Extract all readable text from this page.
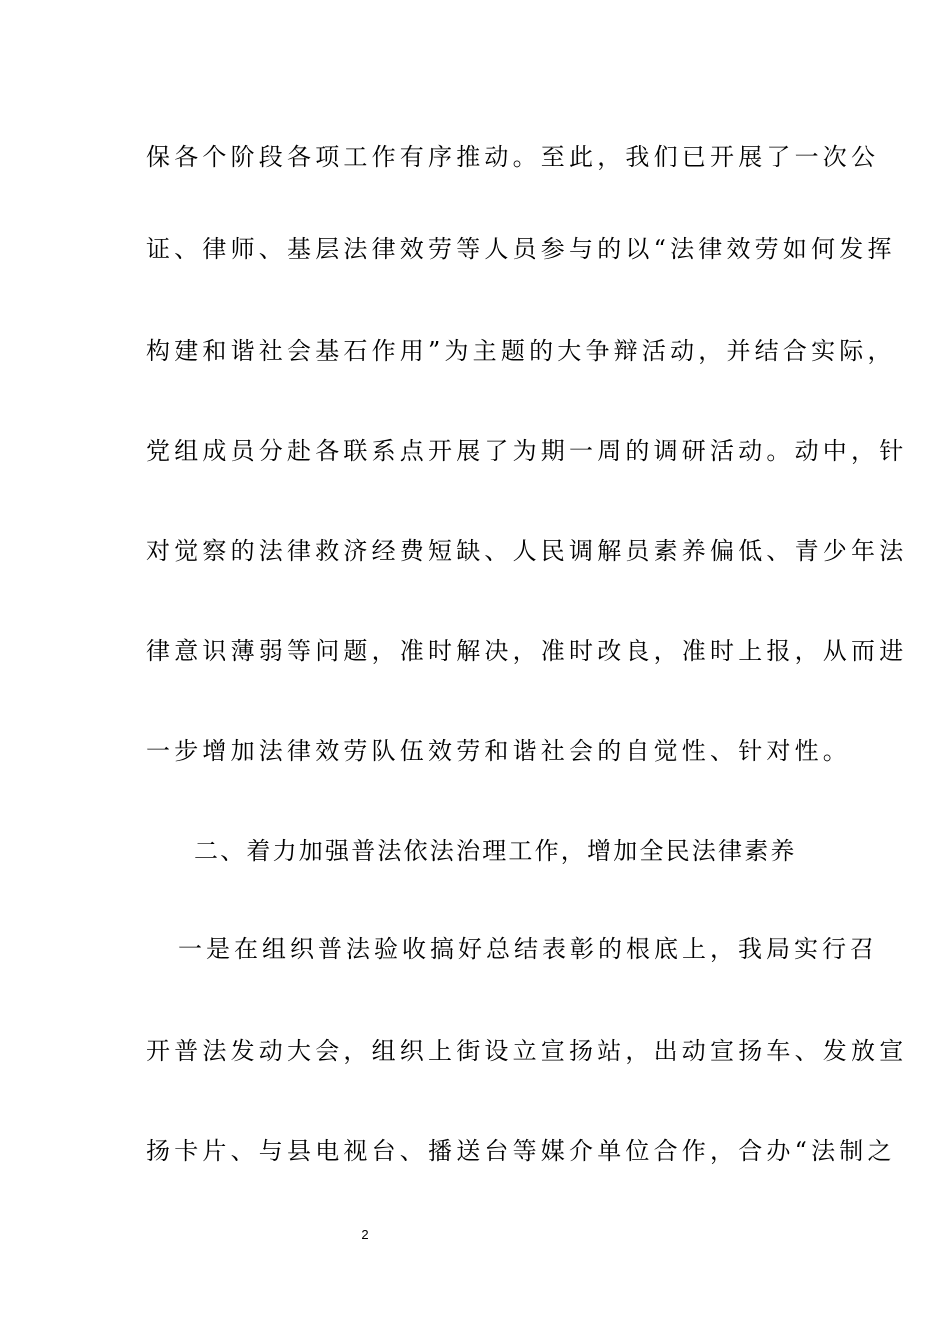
保各个阶段各项工作有序推动。至此，我们已开展了一次公
证、律师、基层法律效劳等人员参与的以“法律效劳如何发挥
构建和谐社会基石作用”为主题的大争辩活动，并结合实际，
党组成员分赴各联系点开展了为期一周的调研活动。动中，针
对觉察的法律救济经费短缺、人民调解员素养偏低、青少年法
律意识薄弱等问题，准时解决，准时改良，准时上报，从而进
一步增加法律效劳队伍效劳和谐社会的自觉性、针对性。
二、着力加强普法依法治理工作，增加全民法律素养
一是在组织普法验收搞好总结表彰的根底上，我局实行召
开普法发动大会，组织上街设立宣扬站，出动宣扬车、发放宣
扬卡片、与县电视台、播送台等媒介单位合作，合办“法制之
2
